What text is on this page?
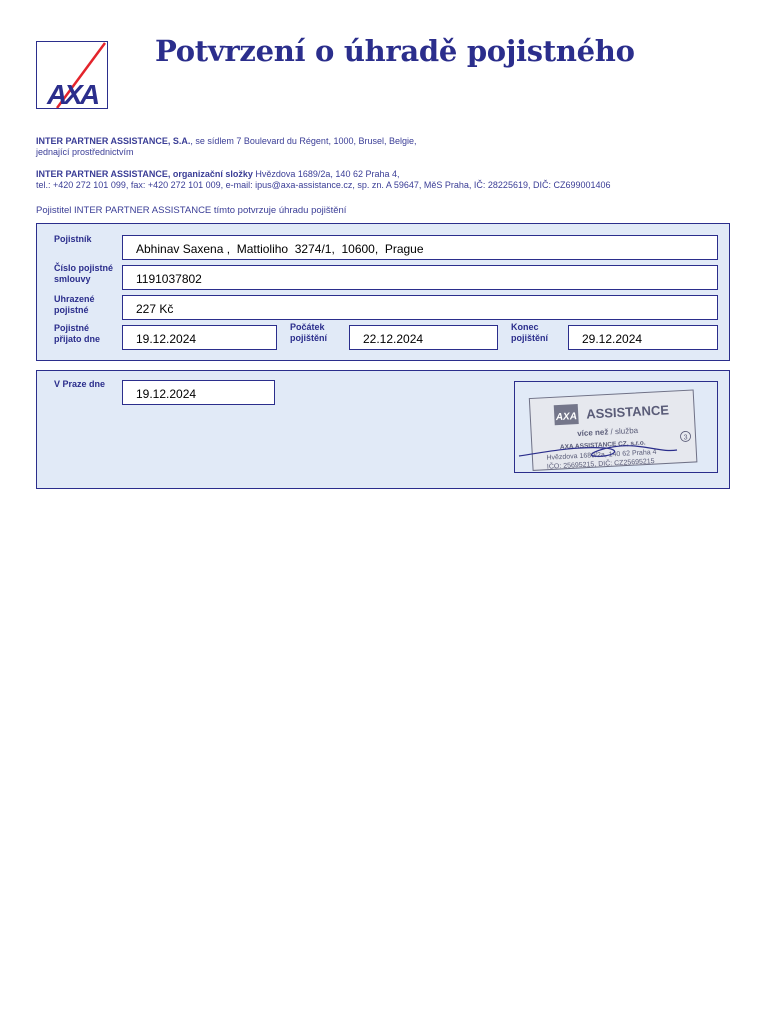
AXA
Potvrzení o úhradě pojistného
INTER PARTNER ASSISTANCE, S.A., se sídlem 7 Boulevard du Régent, 1000, Brusel, Belgie,
jednající prostřednictvím
INTER PARTNER ASSISTANCE, organizační složky Hvězdova 1689/2a, 140 62 Praha 4,
tel.: +420 272 101 099, fax: +420 272 101 009, e-mail: ipus@axa-assistance.cz, sp. zn. A 59647, MěS Praha, IČ: 28225619, DIČ: CZ699001406
Pojistitel INTER PARTNER ASSISTANCE tímto potvrzuje úhradu pojištění
Pojistník
Abhinav Saxena ,  Mattioliho  3274/1,  10600,  Prague
Číslo pojistné smlouvy	1191037802
Uhrazené pojistné	227 Kč
Pojistné přijato dne	19.12.2024
Počátek pojištění	22.12.2024
Konec pojištění	29.12.2024
V Praze dne
19.12.2024
AXA ASSISTANCE
více než / služba
AXA ASSISTANCE CZ, s.r.o.
Hvězdova 1689/2a, 140 62 Praha 4
IČO: 25695215, DIČ: CZ25695215
3
